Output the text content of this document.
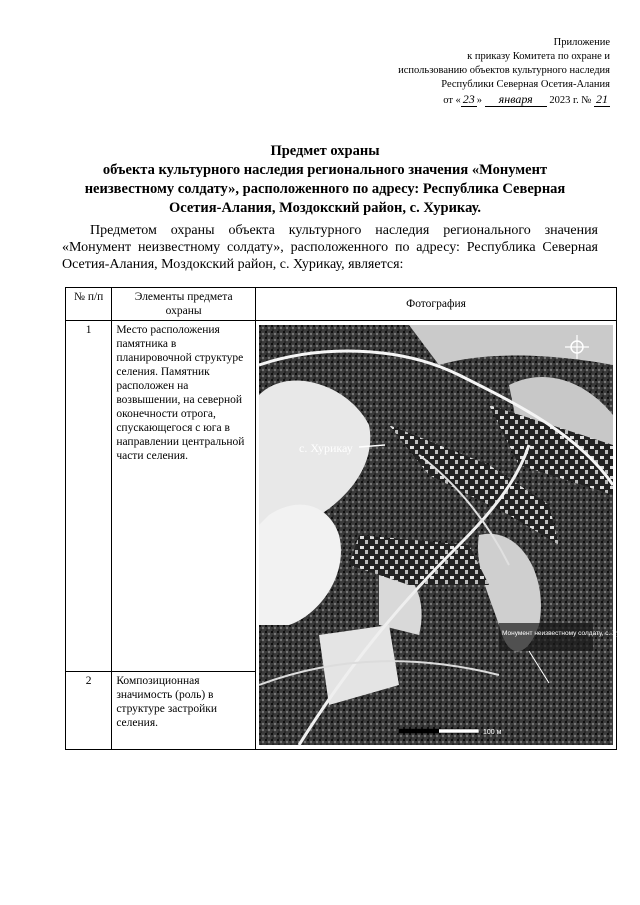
Приложение
к приказу Комитета по охране и
использованию объектов культурного наследия
Республики Северная Осетия-Алания
от « 23 » января 2023 г. № 21
Предмет охраны
объекта культурного наследия регионального значения «Монумент неизвестному солдату», расположенного по адресу: Республика Северная Осетия-Алания, Моздокский район, с. Хурикау.
Предметом охраны объекта культурного наследия регионального значения «Монумент неизвестному солдату», расположенного по адресу: Республика Северная Осетия-Алания, Моздокский район, с. Хурикау, является:
№ п/п	Элементы предмета охраны	Фотография
1	Место расположения памятника в планировочной структуре селения. Памятник расположен на возвышении, на северной оконечности отрога, спускающегося с юга в направлении центральной части селения.	с. Хурикау
Монумент неизвестному солдату, с. Хурикау
100 м

2	Композиционная значимость (роль) в структуре застройки селения.	
